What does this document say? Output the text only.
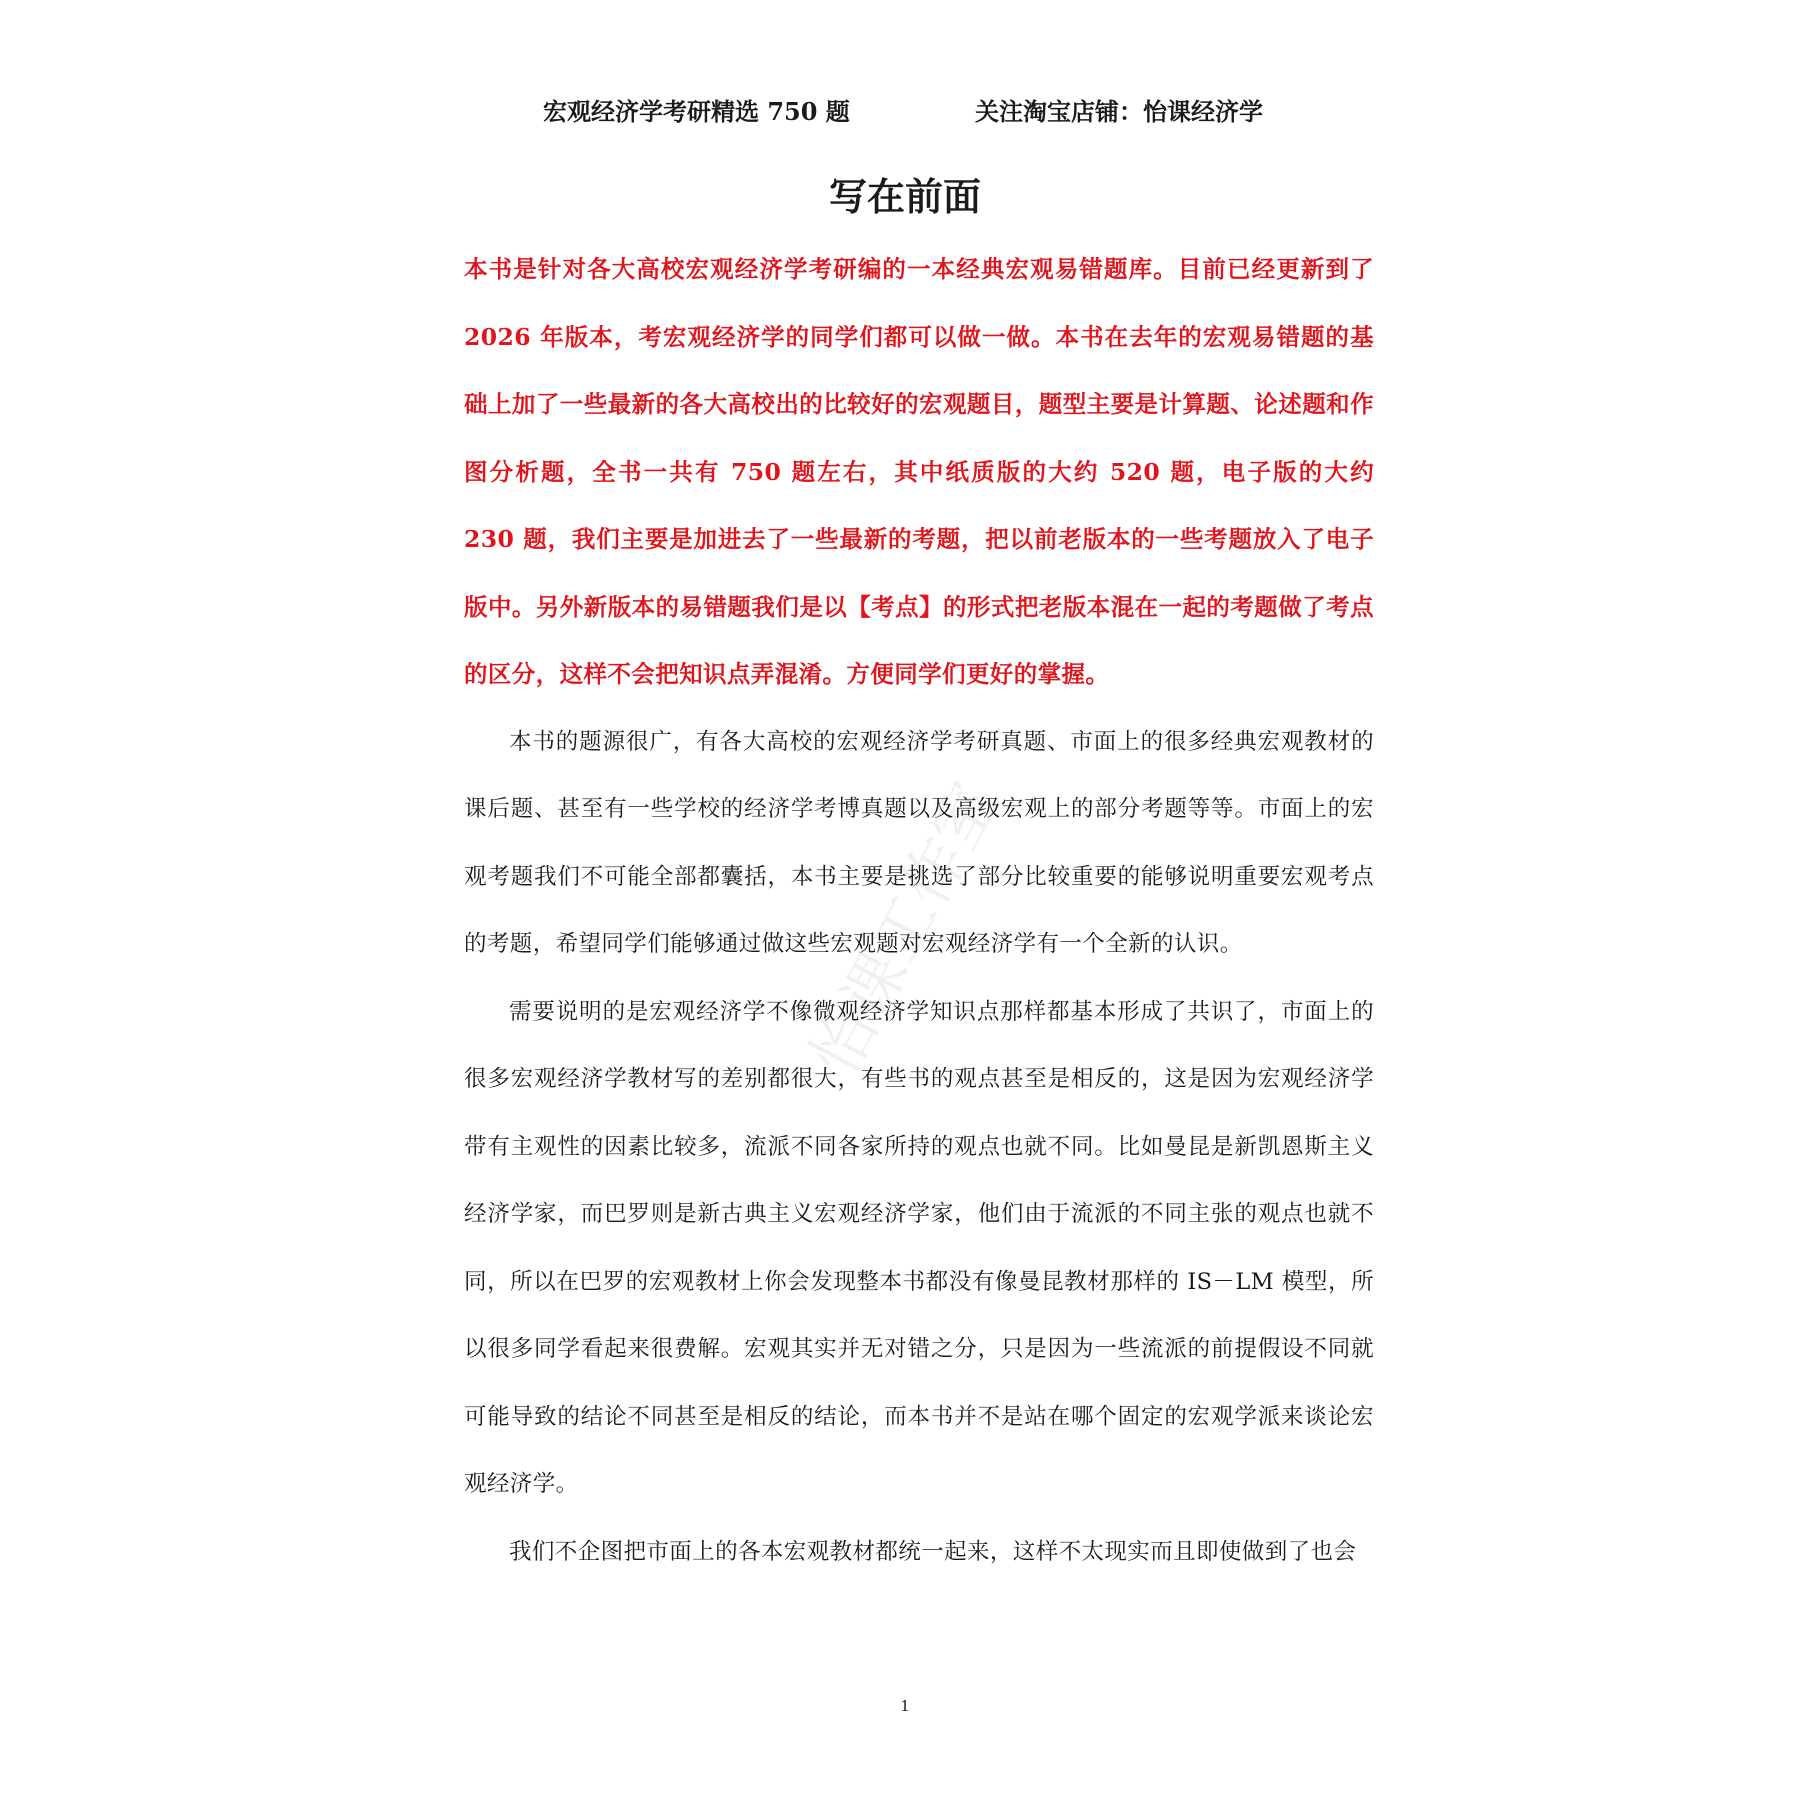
宏观经济学考研精选 750 题	关注淘宝店铺：怡课经济学
写在前面
怡课工作室

本书是针对各大高校宏观经济学考研编的一本经典宏观易错题库。目前已经更新到了 2026 年版本，考宏观经济学的同学们都可以做一做。本书在去年的宏观易错题的基础上加了一些最新的各大高校出的比较好的宏观题目，题型主要是计算题、论述题和作图分析题，全书一共有 750 题左右，其中纸质版的大约 520 题，电子版的大约 230 题，我们主要是加进去了一些最新的考题，把以前老版本的一些考题放入了电子版中。另外新版本的易错题我们是以【考点】的形式把老版本混在一起的考题做了考点的区分，这样不会把知识点弄混淆。方便同学们更好的掌握。

本书的题源很广，有各大高校的宏观经济学考研真题、市面上的很多经典宏观教材的课后题、甚至有一些学校的经济学考博真题以及高级宏观上的部分考题等等。市面上的宏观考题我们不可能全部都囊括，本书主要是挑选了部分比较重要的能够说明重要宏观考点的考题，希望同学们能够通过做这些宏观题对宏观经济学有一个全新的认识。

需要说明的是宏观经济学不像微观经济学知识点那样都基本形成了共识了，市面上的很多宏观经济学教材写的差别都很大，有些书的观点甚至是相反的，这是因为宏观经济学带有主观性的因素比较多，流派不同各家所持的观点也就不同。比如曼昆是新凯恩斯主义经济学家，而巴罗则是新古典主义宏观经济学家，他们由于流派的不同主张的观点也就不同，所以在巴罗的宏观教材上你会发现整本书都没有像曼昆教材那样的 IS－LM 模型，所以很多同学看起来很费解。宏观其实并无对错之分，只是因为一些流派的前提假设不同就可能导致的结论不同甚至是相反的结论，而本书并不是站在哪个固定的宏观学派来谈论宏观经济学。

我们不企图把市面上的各本宏观教材都统一起来，这样不太现实而且即使做到了也会

1
